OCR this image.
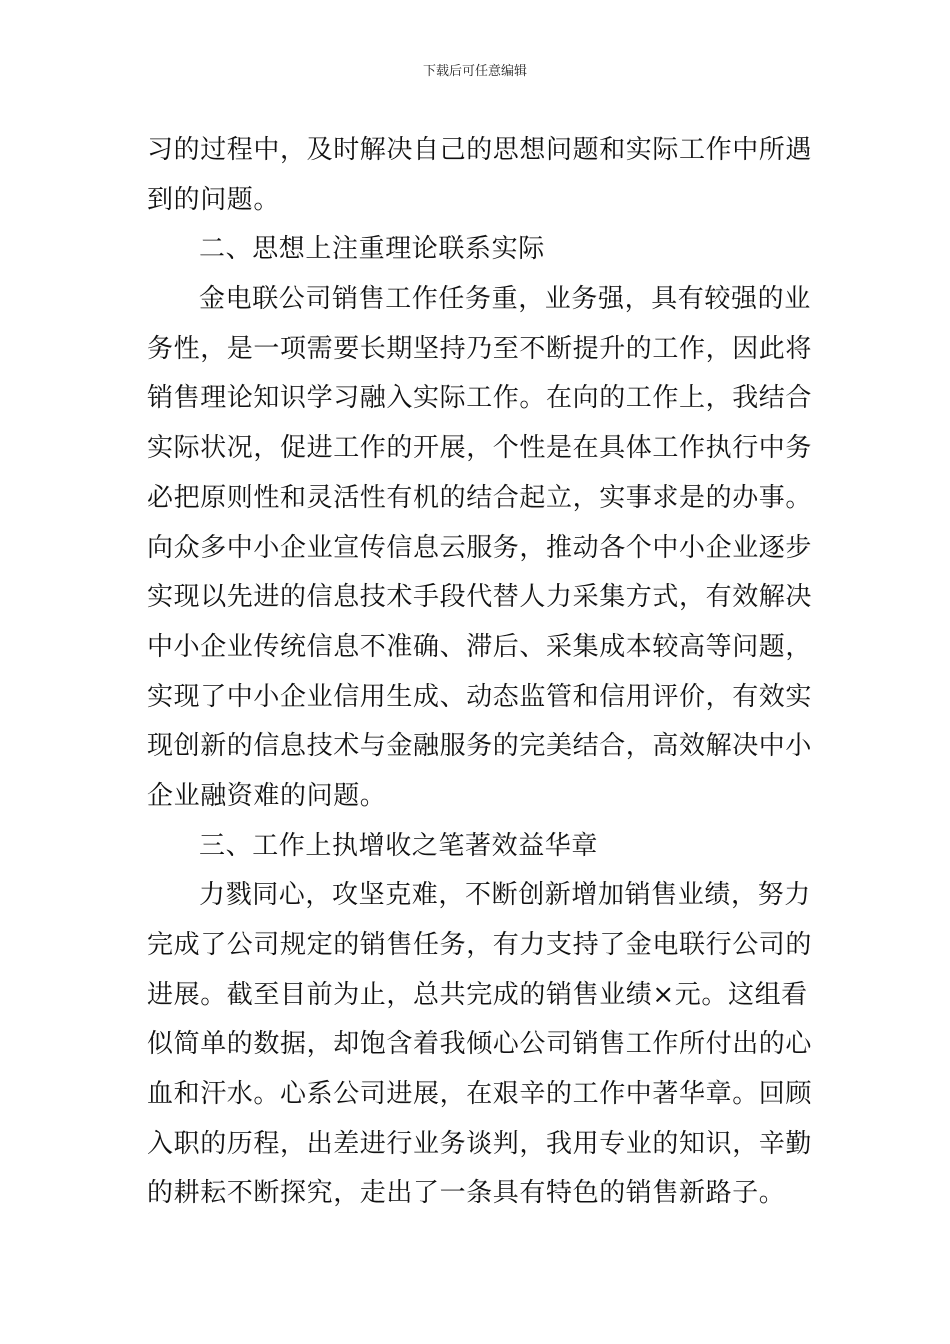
下载后可任意编辑
习的过程中，及时解决自己的思想问题和实际工作中所遇
到的问题。
二、思想上注重理论联系实际
金电联公司销售工作任务重，业务强，具有较强的业
务性，是一项需要长期坚持乃至不断提升的工作，因此将
销售理论知识学习融入实际工作。在向的工作上，我结合
实际状况，促进工作的开展，个性是在具体工作执行中务
必把原则性和灵活性有机的结合起立，实事求是的办事。
向众多中小企业宣传信息云服务，推动各个中小企业逐步
实现以先进的信息技术手段代替人力采集方式，有效解决
中小企业传统信息不准确、滞后、采集成本较高等问题，
实现了中小企业信用生成、动态监管和信用评价，有效实
现创新的信息技术与金融服务的完美结合，高效解决中小
企业融资难的问题。
三、工作上执增收之笔著效益华章
力戮同心，攻坚克难，不断创新增加销售业绩，努力
完成了公司规定的销售任务，有力支持了金电联行公司的
进展。截至目前为止，总共完成的销售业绩×元。这组看
似简单的数据，却饱含着我倾心公司销售工作所付出的心
血和汗水。心系公司进展，在艰辛的工作中著华章。回顾
入职的历程，出差进行业务谈判，我用专业的知识，辛勤
的耕耘不断探究，走出了一条具有特色的销售新路子。
